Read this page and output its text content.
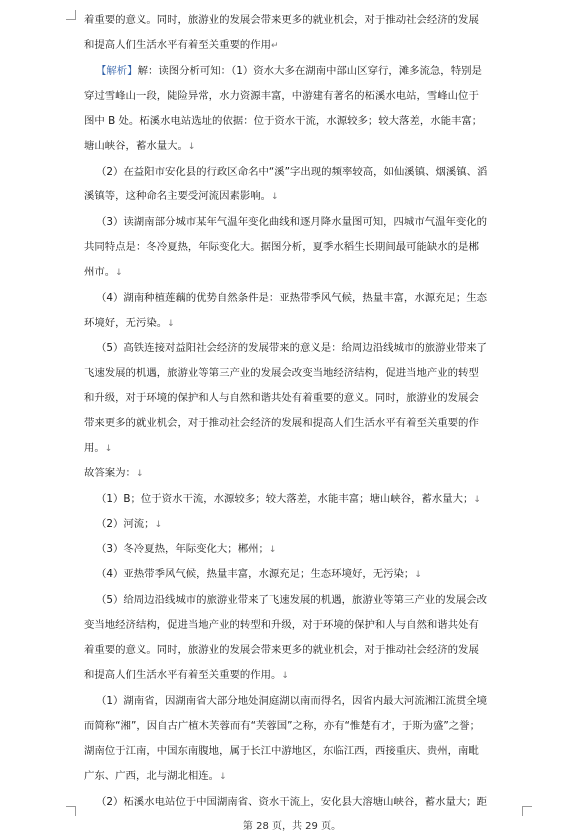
着重要的意义。同时，旅游业的发展会带来更多的就业机会，对于推动社会经济的发展
和提高人们生活水平有着至关重要的作用↵
【解析】解：读图分析可知：（1）资水大多在湖南中部山区穿行，滩多流急，特别是
穿过雪峰山一段，陡险异常，水力资源丰富，中游建有著名的柘溪水电站，雪峰山位于
图中 B 处。柘溪水电站选址的依据：位于资水干流，水源较多；较大落差，水能丰富；
塘山峡谷，蓄水量大。↓
（2）在益阳市安化县的行政区命名中“溪”字出现的频率较高，如仙溪镇、烟溪镇、滔
溪镇等，这种命名主要受河流因素影响。↓
（3）读湖南部分城市某年气温年变化曲线和逐月降水量图可知，四城市气温年变化的
共同特点是：冬冷夏热，年际变化大。据图分析，夏季水稻生长期间最可能缺水的是郴
州市。↓
（4）湖南种植莲藕的优势自然条件是：亚热带季风气候，热量丰富，水源充足；生态
环境好，无污染。↓
（5）高铁连接对益阳社会经济的发展带来的意义是：给周边沿线城市的旅游业带来了
飞速发展的机遇，旅游业等第三产业的发展会改变当地经济结构，促进当地产业的转型
和升级，对于环境的保护和人与自然和谐共处有着重要的意义。同时，旅游业的发展会
带来更多的就业机会，对于推动社会经济的发展和提高人们生活水平有着至关重要的作
用。↓
故答案为：↓
（1）B；位于资水干流，水源较多；较大落差，水能丰富；塘山峡谷，蓄水量大；↓
（2）河流；↓
（3）冬冷夏热，年际变化大；郴州；↓
（4）亚热带季风气候，热量丰富，水源充足；生态环境好，无污染；↓
（5）给周边沿线城市的旅游业带来了飞速发展的机遇，旅游业等第三产业的发展会改
变当地经济结构，促进当地产业的转型和升级，对于环境的保护和人与自然和谐共处有
着重要的意义。同时，旅游业的发展会带来更多的就业机会，对于推动社会经济的发展
和提高人们生活水平有着至关重要的作用。↓
（1）湖南省，因湖南省大部分地处洞庭湖以南而得名，因省内最大河流湘江流贯全境
而简称“湘”，因自古广植木芙蓉而有“芙蓉国”之称，亦有“惟楚有才，于斯为盛”之誉；
湖南位于江南，中国东南腹地，属于长江中游地区，东临江西，西接重庆、贵州，南毗
广东、广西，北与湖北相连。↓
（2）柘溪水电站位于中国湖南省、资水干流上，安化县大溶塘山峡谷，蓄水量大；距
第 28 页，共 29 页。
